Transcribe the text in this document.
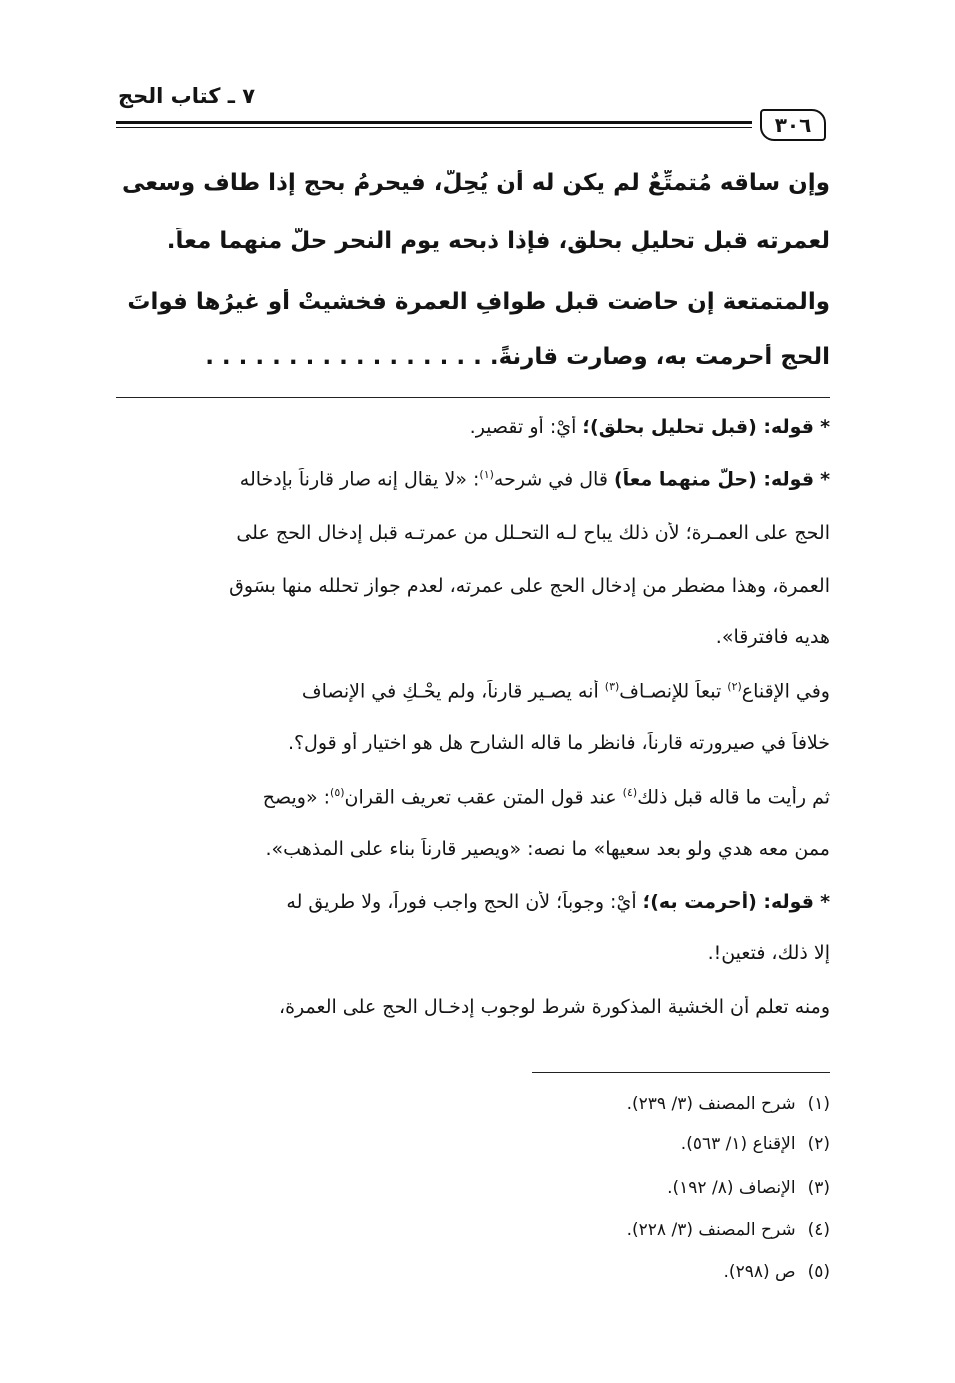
٧ ـ كتاب الحج
٣٠٦
وإن ساقه مُتمتِّعٌ لم يكن له أن يُحِلَّ، فيحرمُ بحج إذا طاف وسعى
لعمرته قبل تحليلٍ بحلق، فإذا ذبحه يوم النحر حلَّ منهما معاً.
والمتمتعة إن حاضت قبل طوافِ العمرة فخشيتْ أو غيرُها فواتَ
الحج أحرمت به، وصارت قارنةً. . . . . . . . . . . . . . . . . .
* قوله: (قبل تحليل بحلق)؛ أيْ: أو تقصير.
* قوله: (حلَّ منهما معاً) قال في شرحه$^{(١)}$: «لا يقال إنه صار قارناً بإدخاله
الحج على العمـرة؛ لأن ذلك يباح لـه التحـلل من عمرتـه قبل إدخال الحج على
العمرة، وهذا مضطر من إدخال الحج على عمرته، لعدم جواز تحلله منها بسَوق
هديه فافترقا».
وفي الإقناع$^{(٢)}$ تبعاً للإنصـاف$^{(٣)}$ أنه يصـير قارناً، ولم يحْـكِ في الإنصاف
خلافاً في صيرورته قارناً، فانظر ما قاله الشارح هل هو اختيار أو قول؟.
ثم رأيت ما قاله قبل ذلك$^{(٤)}$ عند قول المتن عقب تعريف القران$^{(٥)}$: «ويصح
ممن معه هدي ولو بعد سعيها» ما نصه: «ويصير قارناً بناء على المذهب».
* قوله: (أحرمت به)؛ أيْ: وجوباً؛ لأن الحج واجب فوراً، ولا طريق له
إلا ذلك، فتعين!.
ومنه تعلم أن الخشية المذكورة شرط لوجوب إدخـال الحج على العمرة،
(١)شرح المصنف (٣/ ٢٣٩).
(٢)الإقناع (١/ ٥٦٣).
(٣)الإنصاف (٨/ ١٩٢).
(٤)شرح المصنف (٣/ ٢٢٨).
(٥)ص (٢٩٨).
